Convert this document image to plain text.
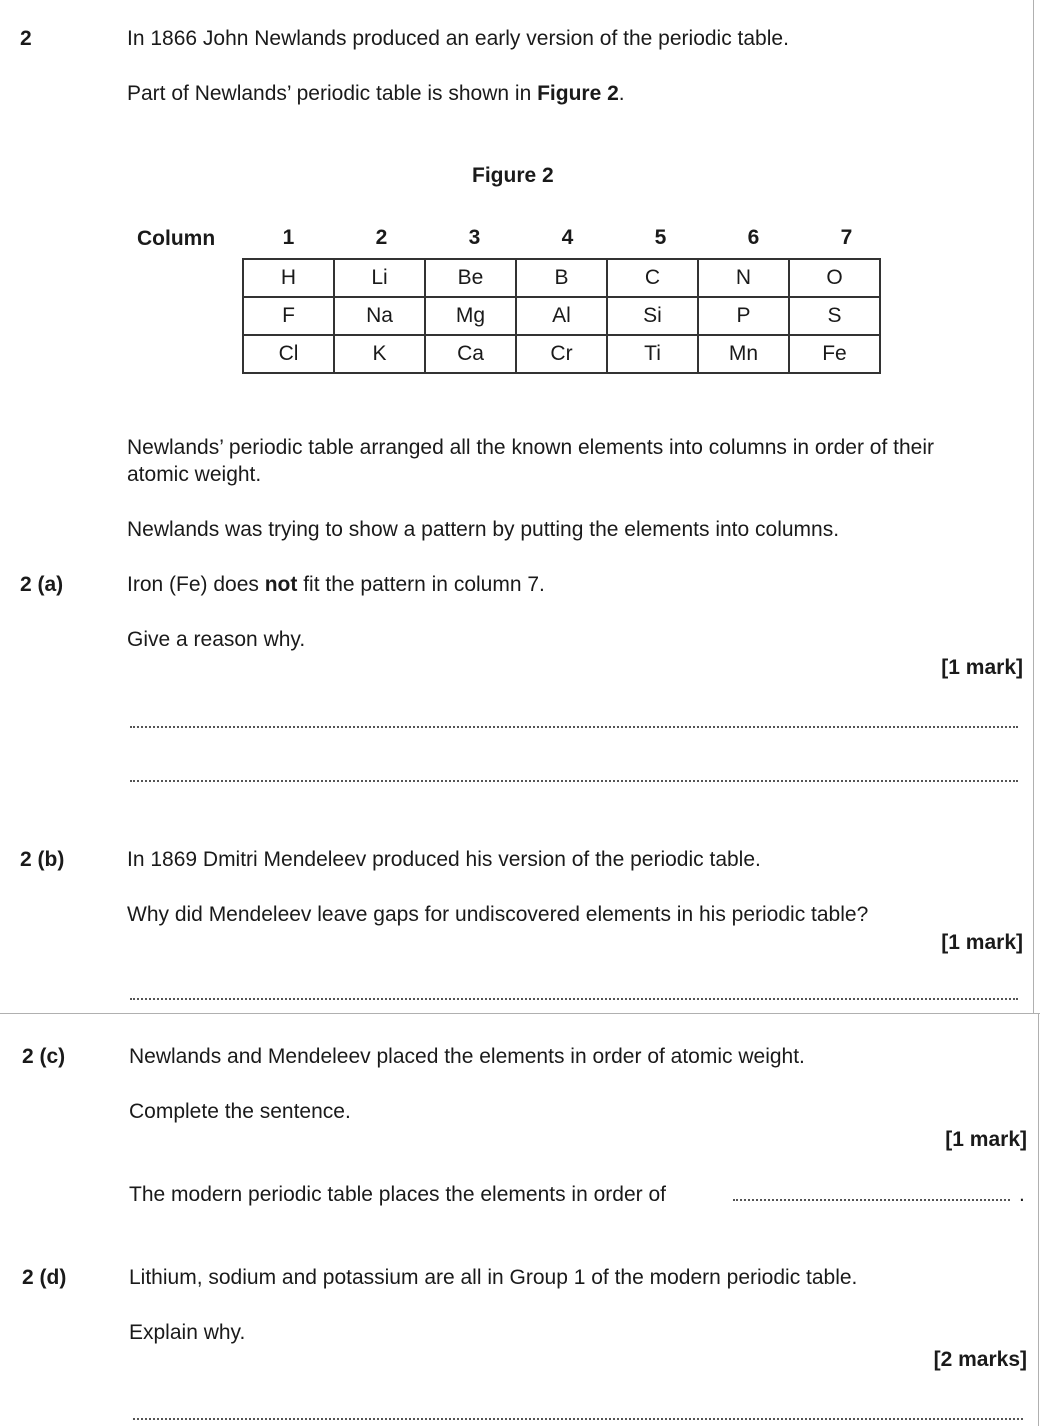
2	In 1866 John Newlands produced an early version of the periodic table.
Part of Newlands’ periodic table is shown in Figure 2.
Figure 2
Column	1	2	3	4	5	6	7
H	Li	Be	B	C	N	O
F	Na	Mg	Al	Si	P	S
Cl	K	Ca	Cr	Ti	Mn	Fe
Newlands’ periodic table arranged all the known elements into columns in order of their
atomic weight.
Newlands was trying to show a pattern by putting the elements into columns.
2 (a)	Iron (Fe) does not fit the pattern in column 7.
Give a reason why.
[1 mark]
2 (b)	In 1869 Dmitri Mendeleev produced his version of the periodic table.
Why did Mendeleev leave gaps for undiscovered elements in his periodic table?
[1 mark]
2 (c)	Newlands and Mendeleev placed the elements in order of atomic weight.
Complete the sentence.
[1 mark]
The modern periodic table places the elements in order of	.
2 (d)	Lithium, sodium and potassium are all in Group 1 of the modern periodic table.
Explain why.
[2 marks]
